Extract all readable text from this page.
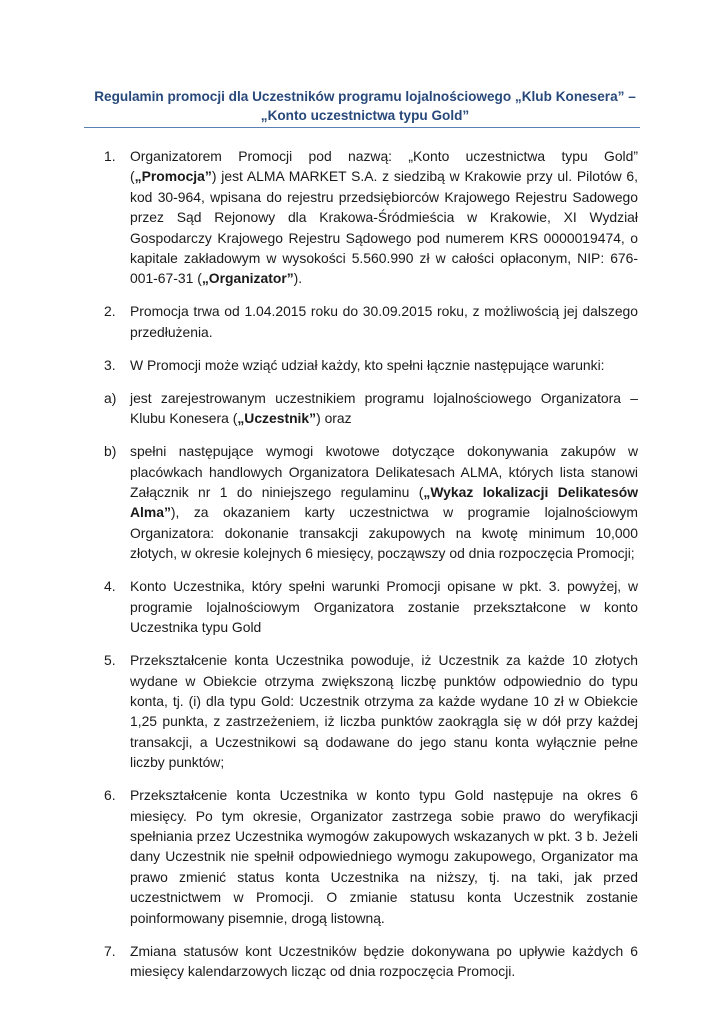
Regulamin promocji dla Uczestników programu lojalnościowego „Klub Konesera” –
„Konto uczestnictwa typu Gold”
1. Organizatorem Promocji pod nazwą: „Konto uczestnictwa typu Gold” („Promocja”) jest ALMA MARKET S.A. z siedzibą w Krakowie przy ul. Pilotów 6, kod 30-964, wpisana do rejestru przedsiębiorców Krajowego Rejestru Sadowego przez Sąd Rejonowy dla Krakowa-Śródmieścia w Krakowie, XI Wydział Gospodarczy Krajowego Rejestru Sądowego pod numerem KRS 0000019474, o kapitale zakładowym w wysokości 5.560.990 zł w całości opłaconym, NIP: 676-001-67-31 („Organizator”).
2. Promocja trwa od 1.04.2015 roku do 30.09.2015 roku, z możliwością jej dalszego przedłużenia.
3. W Promocji może wziąć udział każdy, kto spełni łącznie następujące warunki:
a) jest zarejestrowanym uczestnikiem programu lojalnościowego Organizatora – Klubu Konesera („Uczestnik”) oraz
b) spełni następujące wymogi kwotowe dotyczące dokonywania zakupów w placówkach handlowych Organizatora Delikatesach ALMA, których lista stanowi Załącznik nr 1 do niniejszego regulaminu („Wykaz lokalizacji Delikatesów Alma”), za okazaniem karty uczestnictwa w programie lojalnościowym Organizatora: dokonanie transakcji zakupowych na kwotę minimum 10,000 złotych, w okresie kolejnych 6 miesięcy, począwszy od dnia rozpoczęcia Promocji;
4. Konto Uczestnika, który spełni warunki Promocji opisane w pkt. 3. powyżej, w programie lojalnościowym Organizatora zostanie przekształcone w konto Uczestnika typu Gold
5. Przekształcenie konta Uczestnika powoduje, iż Uczestnik za każde 10 złotych wydane w Obiekcie otrzyma zwiększoną liczbę punktów odpowiednio do typu konta, tj. (i) dla typu Gold: Uczestnik otrzyma za każde wydane 10 zł w Obiekcie 1,25 punkta, z zastrzeżeniem, iż liczba punktów zaokrągla się w dół przy każdej transakcji, a Uczestnikowi są dodawane do jego stanu konta wyłącznie pełne liczby punktów;
6. Przekształcenie konta Uczestnika w konto typu Gold następuje na okres 6 miesięcy. Po tym okresie, Organizator zastrzega sobie prawo do weryfikacji spełniania przez Uczestnika wymogów zakupowych wskazanych w pkt. 3 b. Jeżeli dany Uczestnik nie spełnił odpowiedniego wymogu zakupowego, Organizator ma prawo zmienić status konta Uczestnika na niższy, tj. na taki, jak przed uczestnictwem w Promocji. O zmianie statusu konta Uczestnik zostanie poinformowany pisemnie, drogą listowną.
7. Zmiana statusów kont Uczestników będzie dokonywana po upływie każdych 6 miesięcy kalendarzowych licząc od dnia rozpoczęcia Promocji.
